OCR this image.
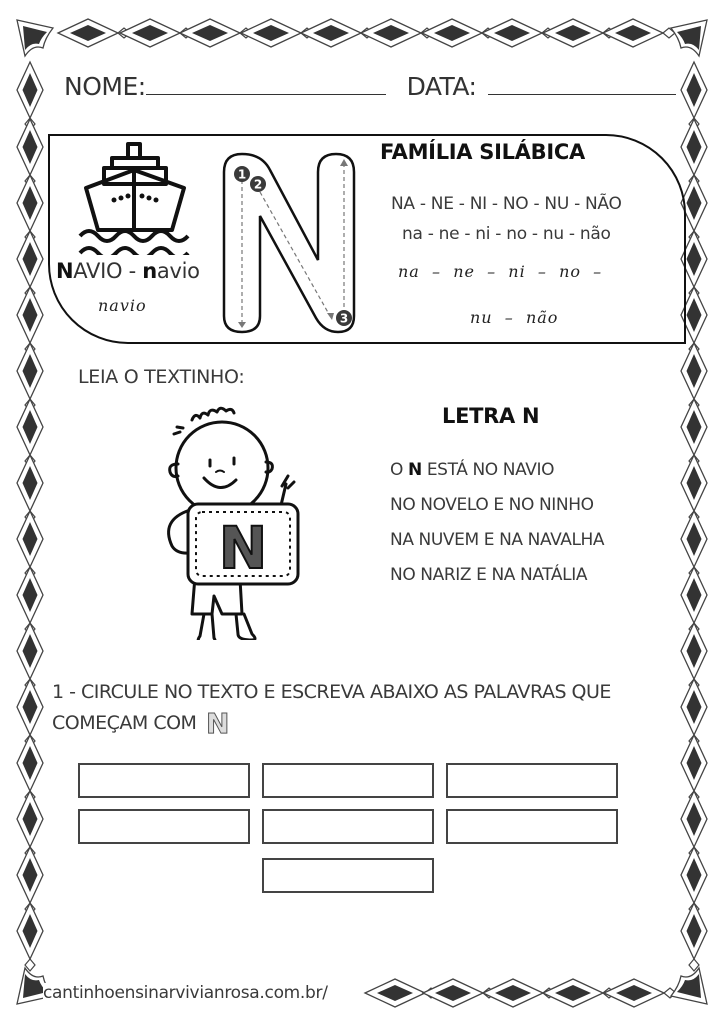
NOME:	DATA:
NAVIO - navio
navio
1
2
3
FAMÍLIA SILÁBICA
NA - NE - NI - NO - NU - NÃO
na - ne - ni - no - nu - não
na  –  ne  –  ni  –  no  –
nu  –  não
LEIA O TEXTINHO:
N
LETRA N
O N ESTÁ NO NAVIO
NO NOVELO E NO NINHO
NA NUVEM E NA NAVALHA
NO NARIZ E NA NATÁLIA
1 - CIRCULE NO TEXTO E ESCREVA ABAIXO AS PALAVRAS QUE
COMEÇAM COM N
cantinhoensinarvivianrosa.com.br/
